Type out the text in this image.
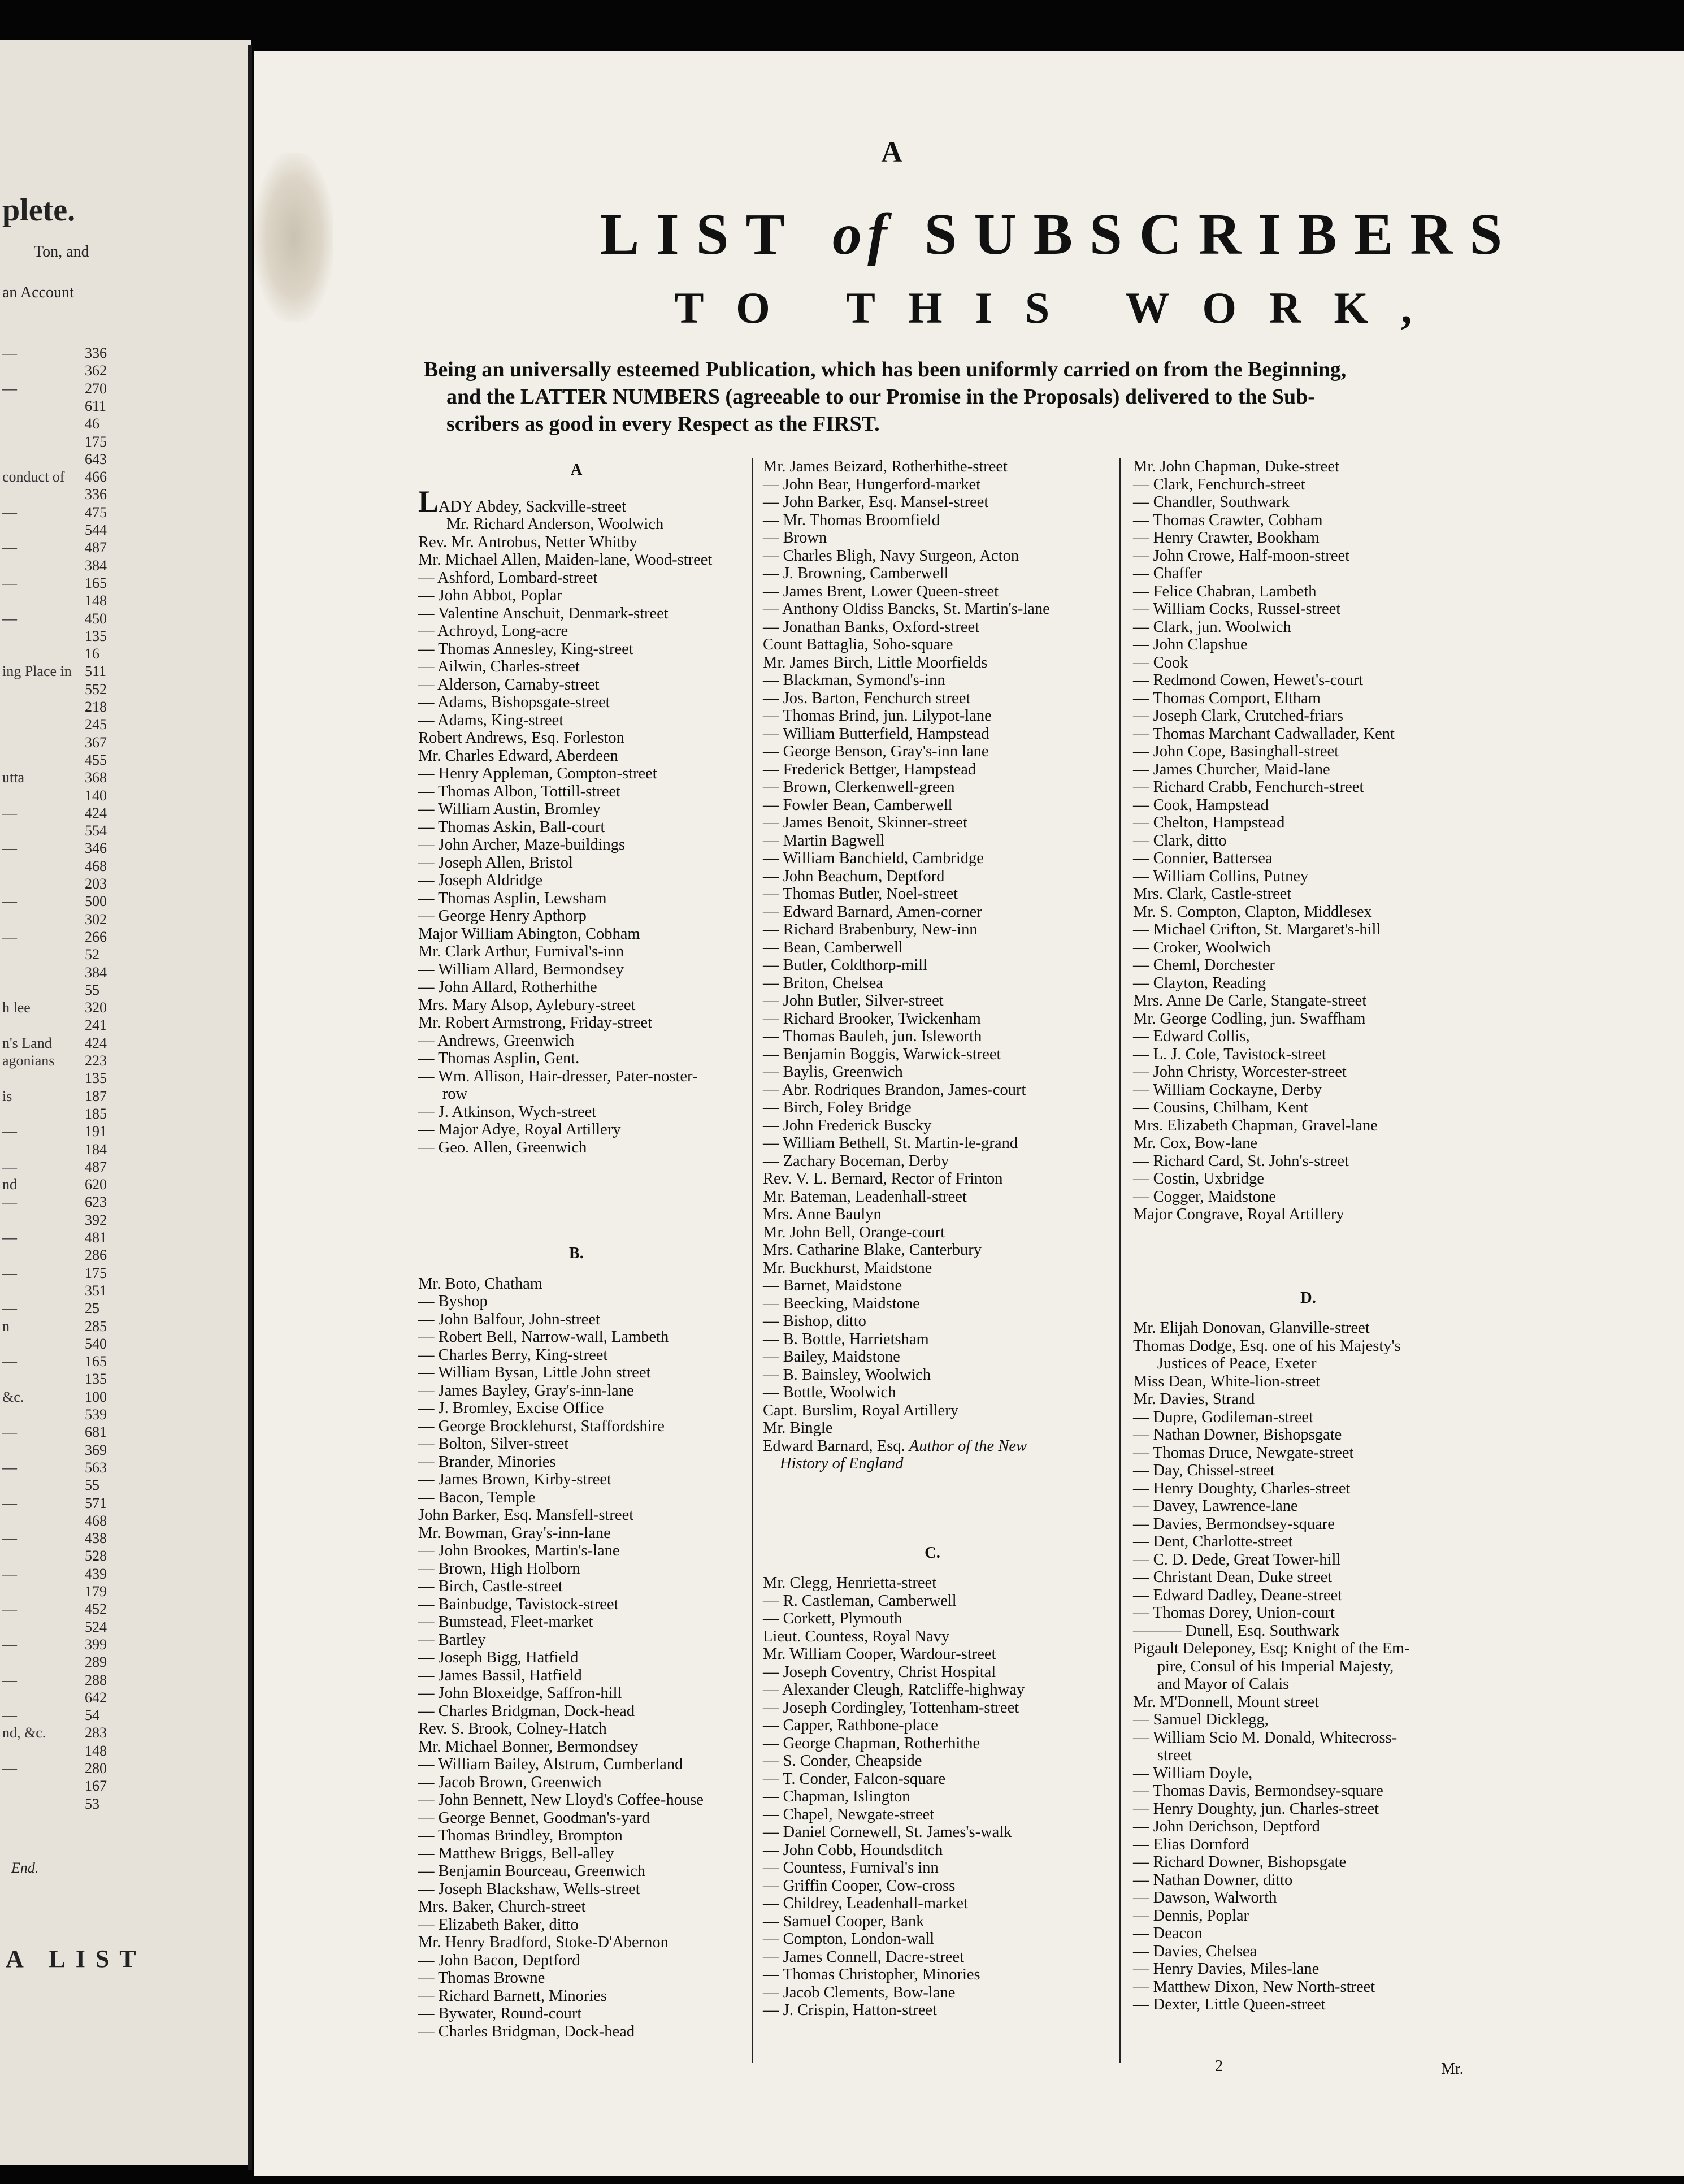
plete.
Ton, and
an Account
—	336
362
—	270
611
46
175
643
conduct of	466
336
—	475
544
—	487
384
—	165
148
—	450
135
16
ing Place in 511
552
218
245
367
455
utta	368
140
—	424
554
—	346
468
203
—	500
302
—	266
52
384
55
h lee	320
241
n's Land	424
agonians	223
135
is	187
185
—	191
184
—	487
nd	620
—	623
392
—	481
286
—	175
351
—	25
n	285
540
—	165
135
&c.	100
539
—	681
369
—	563
55
—	571
468
—	438
528
—	439
179
—	452
524
—	399
289
—	288
642
—	54
nd, &c.	283
148
—	280
167
53
End.
A LIST
A
LIST of SUBSCRIBERS
TO THIS WORK,
Being an universally esteemed Publication, which has been uniformly carried on from the Beginning,
and the LATTER NUMBERS (agreeable to our Promise in the Proposals) delivered to the Sub-
scribers as good in every Respect as the FIRST.
A
LADY Abdey, Sackville-street
Mr. Richard Anderson, Woolwich
Rev. Mr. Antrobus, Netter Whitby
Mr. Michael Allen, Maiden-lane, Wood-street
— Ashford, Lombard-street
— John Abbot, Poplar
— Valentine Anschuit, Denmark-street
— Achroyd, Long-acre
— Thomas Annesley, King-street
— Ailwin, Charles-street
— Alderson, Carnaby-street
— Adams, Bishopsgate-street
— Adams, King-street
Robert Andrews, Esq. Forleston
Mr. Charles Edward, Aberdeen
— Henry Appleman, Compton-street
— Thomas Albon, Tottill-street
— William Austin, Bromley
— Thomas Askin, Ball-court
— John Archer, Maze-buildings
— Joseph Allen, Bristol
— Joseph Aldridge
— Thomas Asplin, Lewsham
— George Henry Apthorp
Major William Abington, Cobham
Mr. Clark Arthur, Furnival's-inn
— William Allard, Bermondsey
— John Allard, Rotherhithe
Mrs. Mary Alsop, Aylebury-street
Mr. Robert Armstrong, Friday-street
— Andrews, Greenwich
— Thomas Asplin, Gent.
— Wm. Allison, Hair-dresser, Pater-noster-
row
— J. Atkinson, Wych-street
— Major Adye, Royal Artillery
— Geo. Allen, Greenwich
B.
Mr. Boto, Chatham
— Byshop
— John Balfour, John-street
— Robert Bell, Narrow-wall, Lambeth
— Charles Berry, King-street
— William Bysan, Little John street
— James Bayley, Gray's-inn-lane
— J. Bromley, Excise Office
— George Brocklehurst, Staffordshire
— Bolton, Silver-street
— Brander, Minories
— James Brown, Kirby-street
— Bacon, Temple
John Barker, Esq. Mansfell-street
Mr. Bowman, Gray's-inn-lane
— John Brookes, Martin's-lane
— Brown, High Holborn
— Birch, Castle-street
— Bainbudge, Tavistock-street
— Bumstead, Fleet-market
— Bartley
— Joseph Bigg, Hatfield
— James Bassil, Hatfield
— John Bloxeidge, Saffron-hill
— Charles Bridgman, Dock-head
Rev. S. Brook, Colney-Hatch
Mr. Michael Bonner, Bermondsey
— William Bailey, Alstrum, Cumberland
— Jacob Brown, Greenwich
— John Bennett, New Lloyd's Coffee-house
— George Bennet, Goodman's-yard
— Thomas Brindley, Brompton
— Matthew Briggs, Bell-alley
— Benjamin Bourceau, Greenwich
— Joseph Blackshaw, Wells-street
Mrs. Baker, Church-street
— Elizabeth Baker, ditto
Mr. Henry Bradford, Stoke-D'Abernon
— John Bacon, Deptford
— Thomas Browne
— Richard Barnett, Minories
— Bywater, Round-court
— Charles Bridgman, Dock-head
Mr. James Beizard, Rotherhithe-street
— John Bear, Hungerford-market
— John Barker, Esq. Mansel-street
— Mr. Thomas Broomfield
— Brown
— Charles Bligh, Navy Surgeon, Acton
— J. Browning, Camberwell
— James Brent, Lower Queen-street
— Anthony Oldiss Bancks, St. Martin's-lane
— Jonathan Banks, Oxford-street
Count Battaglia, Soho-square
Mr. James Birch, Little Moorfields
— Blackman, Symond's-inn
— Jos. Barton, Fenchurch street
— Thomas Brind, jun. Lilypot-lane
— William Butterfield, Hampstead
— George Benson, Gray's-inn lane
— Frederick Bettger, Hampstead
— Brown, Clerkenwell-green
— Fowler Bean, Camberwell
— James Benoit, Skinner-street
— Martin Bagwell
— William Banchield, Cambridge
— John Beachum, Deptford
— Thomas Butler, Noel-street
— Edward Barnard, Amen-corner
— Richard Brabenbury, New-inn
— Bean, Camberwell
— Butler, Coldthorp-mill
— Briton, Chelsea
— John Butler, Silver-street
— Richard Brooker, Twickenham
— Thomas Bauleh, jun. Isleworth
— Benjamin Boggis, Warwick-street
— Baylis, Greenwich
— Abr. Rodriques Brandon, James-court
— Birch, Foley Bridge
— John Frederick Buscky
— William Bethell, St. Martin-le-grand
— Zachary Boceman, Derby
Rev. V. L. Bernard, Rector of Frinton
Mr. Bateman, Leadenhall-street
Mrs. Anne Baulyn
Mr. John Bell, Orange-court
Mrs. Catharine Blake, Canterbury
Mr. Buckhurst, Maidstone
— Barnet, Maidstone
— Beecking, Maidstone
— Bishop, ditto
— B. Bottle, Harrietsham
— Bailey, Maidstone
— B. Bainsley, Woolwich
— Bottle, Woolwich
Capt. Burslim, Royal Artillery
Mr. Bingle
Edward Barnard, Esq. Author of the New
History of England
C.
Mr. Clegg, Henrietta-street
— R. Castleman, Camberwell
— Corkett, Plymouth
Lieut. Countess, Royal Navy
Mr. William Cooper, Wardour-street
— Joseph Coventry, Christ Hospital
— Alexander Cleugh, Ratcliffe-highway
— Joseph Cordingley, Tottenham-street
— Capper, Rathbone-place
— George Chapman, Rotherhithe
— S. Conder, Cheapside
— T. Conder, Falcon-square
— Chapman, Islington
— Chapel, Newgate-street
— Daniel Cornewell, St. James's-walk
— John Cobb, Houndsditch
— Countess, Furnival's inn
— Griffin Cooper, Cow-cross
— Childrey, Leadenhall-market
— Samuel Cooper, Bank
— Compton, London-wall
— James Connell, Dacre-street
— Thomas Christopher, Minories
— Jacob Clements, Bow-lane
— J. Crispin, Hatton-street
Mr. John Chapman, Duke-street
— Clark, Fenchurch-street
— Chandler, Southwark
— Thomas Crawter, Cobham
— Henry Crawter, Bookham
— John Crowe, Half-moon-street
— Chaffer
— Felice Chabran, Lambeth
— William Cocks, Russel-street
— Clark, jun. Woolwich
— John Clapshue
— Cook
— Redmond Cowen, Hewet's-court
— Thomas Comport, Eltham
— Joseph Clark, Crutched-friars
— Thomas Marchant Cadwallader, Kent
— John Cope, Basinghall-street
— James Churcher, Maid-lane
— Richard Crabb, Fenchurch-street
— Cook, Hampstead
— Chelton, Hampstead
— Clark, ditto
— Connier, Battersea
— William Collins, Putney
Mrs. Clark, Castle-street
Mr. S. Compton, Clapton, Middlesex
— Michael Crifton, St. Margaret's-hill
— Croker, Woolwich
— Cheml, Dorchester
— Clayton, Reading
Mrs. Anne De Carle, Stangate-street
Mr. George Codling, jun. Swaffham
— Edward Collis,
— L. J. Cole, Tavistock-street
— John Christy, Worcester-street
— William Cockayne, Derby
— Cousins, Chilham, Kent
Mrs. Elizabeth Chapman, Gravel-lane
Mr. Cox, Bow-lane
— Richard Card, St. John's-street
— Costin, Uxbridge
— Cogger, Maidstone
Major Congrave, Royal Artillery
D.
Mr. Elijah Donovan, Glanville-street
Thomas Dodge, Esq. one of his Majesty's
Justices of Peace, Exeter
Miss Dean, White-lion-street
Mr. Davies, Strand
— Dupre, Godileman-street
— Nathan Downer, Bishopsgate
— Thomas Druce, Newgate-street
— Day, Chissel-street
— Henry Doughty, Charles-street
— Davey, Lawrence-lane
— Davies, Bermondsey-square
— Dent, Charlotte-street
— C. D. Dede, Great Tower-hill
— Christant Dean, Duke street
— Edward Dadley, Deane-street
— Thomas Dorey, Union-court
——— Dunell, Esq. Southwark
Pigault Deleponey, Esq; Knight of the Em-
pire, Consul of his Imperial Majesty,
and Mayor of Calais
Mr. M'Donnell, Mount street
— Samuel Dicklegg,
— William Scio M. Donald, Whitecross-
street
— William Doyle,
— Thomas Davis, Bermondsey-square
— Henry Doughty, jun. Charles-street
— John Derichson, Deptford
— Elias Dornford
— Richard Downer, Bishopsgate
— Nathan Downer, ditto
— Dawson, Walworth
— Dennis, Poplar
— Deacon
— Davies, Chelsea
— Henry Davies, Miles-lane
— Matthew Dixon, New North-street
— Dexter, Little Queen-street
2	Mr.
